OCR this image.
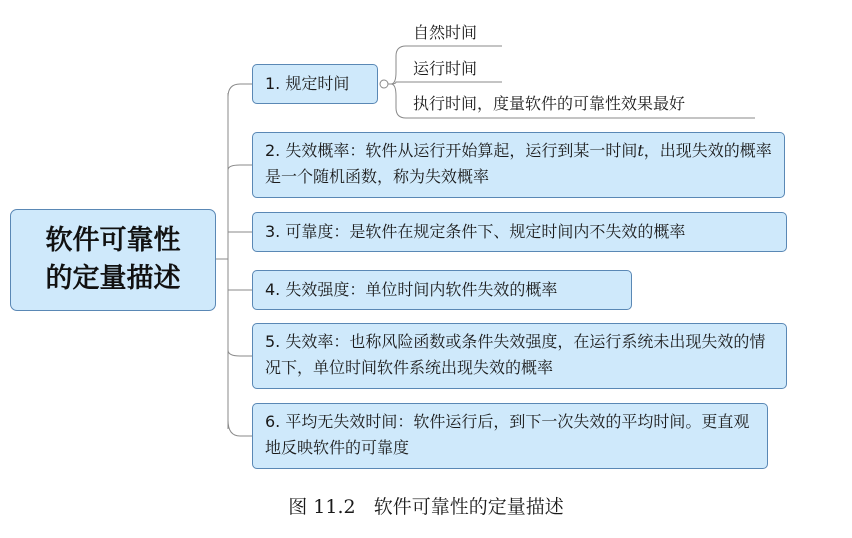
软件可靠性
的定量描述
1. 规定时间
自然时间
运行时间
执行时间，度量软件的可靠性效果最好
2. 失效概率：软件从运行开始算起，运行到某一时间t，出现失效的概率是一个随机函数，称为失效概率
3. 可靠度：是软件在规定条件下、规定时间内不失效的概率
4. 失效强度：单位时间内软件失效的概率
5. 失效率：也称风险函数或条件失效强度，在运行系统未出现失效的情况下，单位时间软件系统出现失效的概率
6. 平均无失效时间：软件运行后，到下一次失效的平均时间。更直观地反映软件的可靠度
图 11.2 软件可靠性的定量描述
